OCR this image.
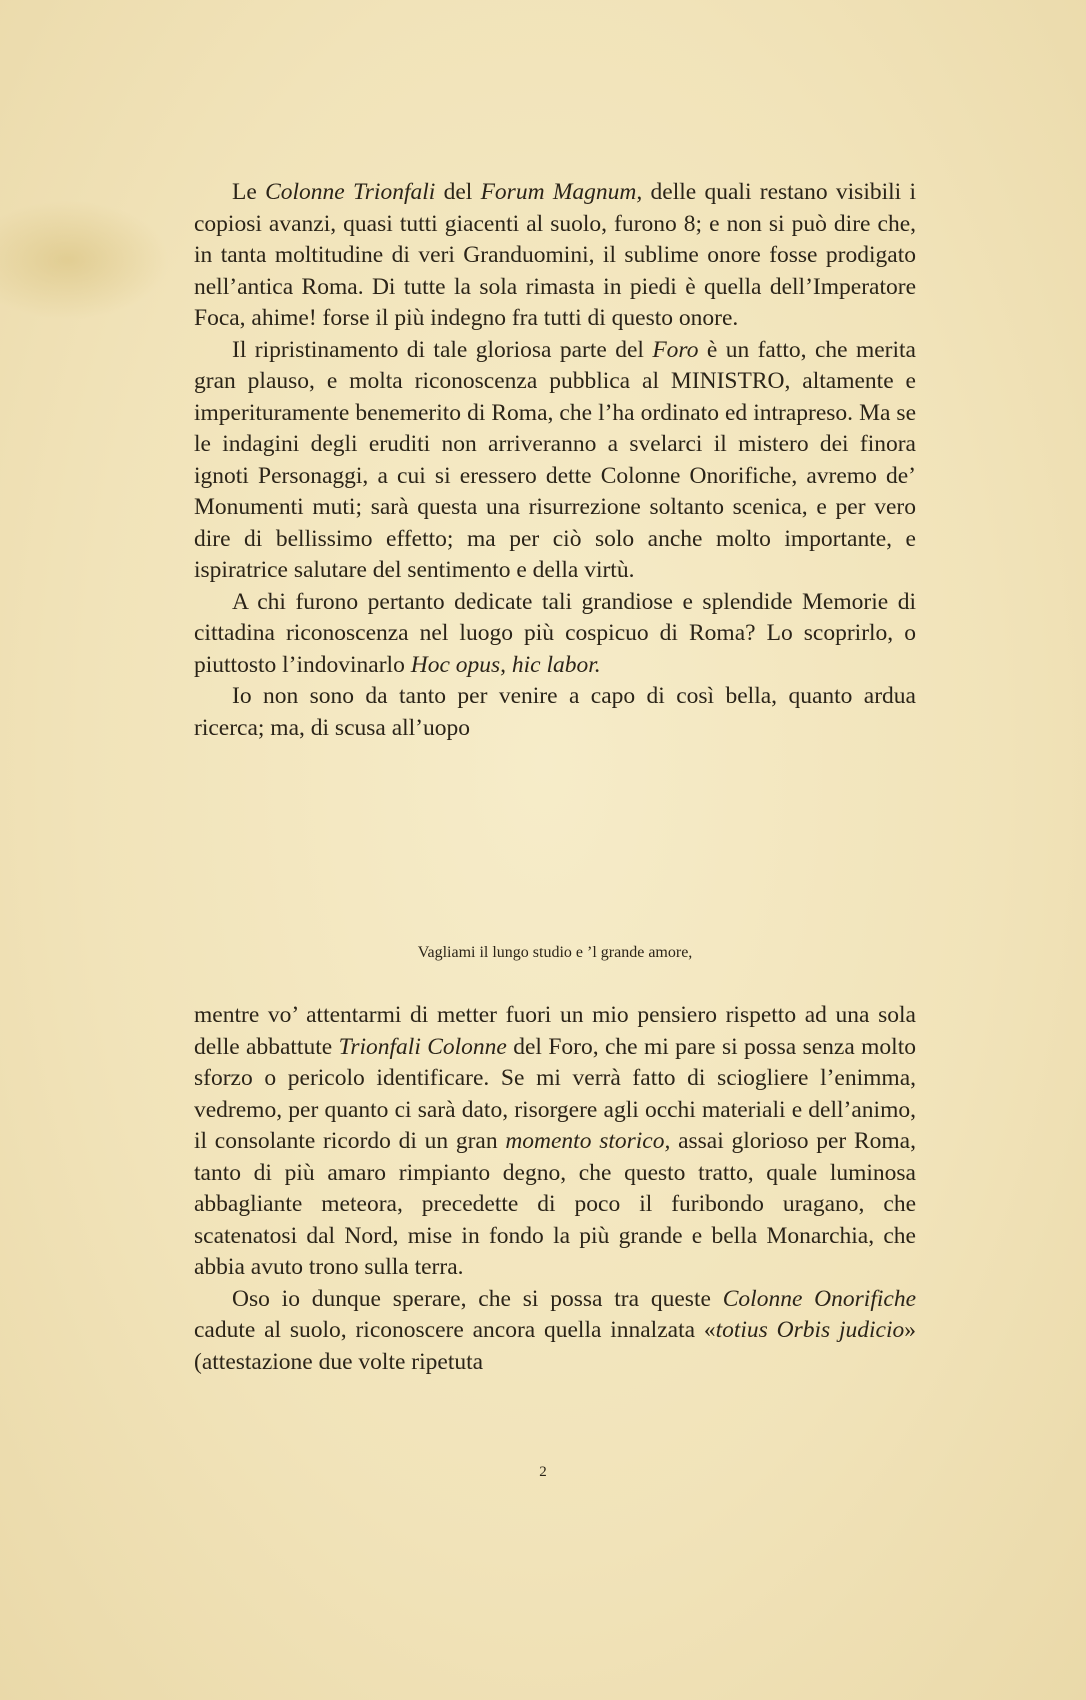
Le Colonne Trionfali del Forum Magnum, delle quali restano visibili i copiosi avanzi, quasi tutti giacenti al suolo, furono 8; e non si può dire che, in tanta moltitudine di veri Granduomini, il sublime onore fosse prodigato nell’antica Roma. Di tutte la sola rimasta in piedi è quella dell’Imperatore Foca, ahime! forse il più indegno fra tutti di questo onore.

Il ripristinamento di tale gloriosa parte del Foro è un fatto, che merita gran plauso, e molta riconoscenza pubblica al MINISTRO, altamente e imperituramente benemerito di Roma, che l’ha ordinato ed intrapreso. Ma se le indagini degli eruditi non arriveranno a svelarci il mistero dei finora ignoti Personaggi, a cui si eressero dette Colonne Onorifiche, avremo de’ Monumenti muti; sarà questa una risurrezione soltanto scenica, e per vero dire di bellissimo effetto; ma per ciò solo anche molto importante, e ispiratrice salutare del sentimento e della virtù.

A chi furono pertanto dedicate tali grandiose e splendide Memorie di cittadina riconoscenza nel luogo più cospicuo di Roma? Lo scoprirlo, o piuttosto l’indovinarlo Hoc opus, hic labor.

Io non sono da tanto per venire a capo di così bella, quanto ardua ricerca; ma, di scusa all’uopo

Vagliami il lungo studio e ’l grande amore,

mentre vo’ attentarmi di metter fuori un mio pensiero rispetto ad una sola delle abbattute Trionfali Colonne del Foro, che mi pare si possa senza molto sforzo o pericolo identificare. Se mi verrà fatto di sciogliere l’enimma, vedremo, per quanto ci sarà dato, risorgere agli occhi materiali e dell’animo, il consolante ricordo di un gran momento storico, assai glorioso per Roma, tanto di più amaro rimpianto degno, che questo tratto, quale luminosa abbagliante meteora, precedette di poco il furibondo uragano, che scatenatosi dal Nord, mise in fondo la più grande e bella Monarchia, che abbia avuto trono sulla terra.

Oso io dunque sperare, che si possa tra queste Colonne Onorifiche cadute al suolo, riconoscere ancora quella innalzata «totius Orbis judicio» (attestazione due volte ripetuta

2
